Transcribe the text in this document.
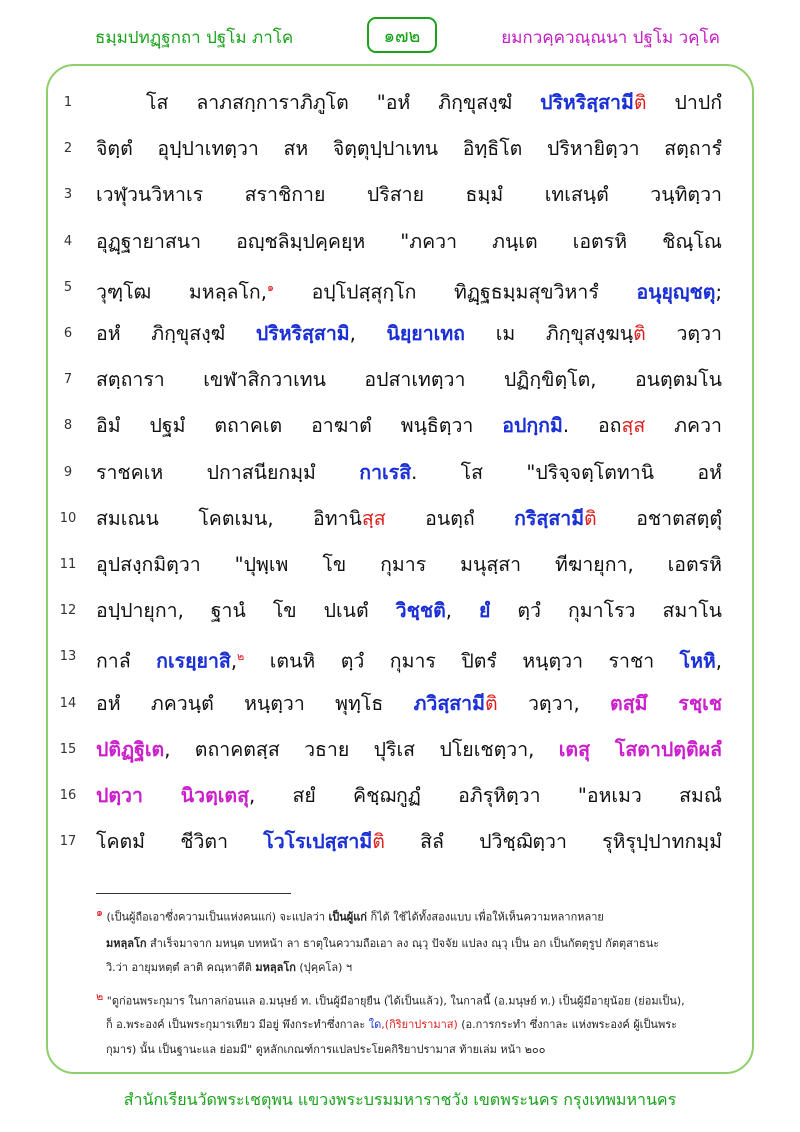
ธมฺมปทฏฺฐกถา ปฐโม ภาโค	๑๗๒	ยมกวคฺควณฺณนา ปฐโม วคฺโค
1	โส ลาภสกฺการาภิภูโต "อหํ ภิกฺขุสงฺฆํ ปริหริสฺสามีติ ปาปกํ
2	จิตฺตํ อุปฺปาเทตฺวา สห จิตฺตุปฺปาเทน อิทฺธิโต ปริหายิตฺวา สตฺถารํ
3	เวฬุวนวิหาเร สราชิกาย ปริสาย ธมฺมํ เทเสนฺตํ วนฺทิตฺวา
4	อุฏฺฐายาสนา อญฺชลิมฺปคฺคยฺห "ภควา ภนฺเต เอตรหิ ชิณฺโณ
5	วุฑฺโฒ มหลฺลโก,$^๑$ อปฺโปสฺสุกฺโก ทิฏฺฐธมฺมสุขวิหารํ อนุยุญฺชตุ;
6	อหํ ภิกฺขุสงฺฆํ ปริหริสฺสามิ, นิยฺยาเทถ เม ภิกฺขุสงฺฆนฺติ วตฺวา
7	สตฺถารา เขฬาสิกวาเทน อปสาเทตฺวา ปฏิกฺขิตฺโต, อนตฺตมโน
8	อิมํ ปฐมํ ตถาคเต อาฆาตํ พนฺธิตฺวา อปกฺกมิ. อถสฺส ภควา
9	ราชคเห ปกาสนียกมฺมํ กาเรสิ. โส "ปริจฺจตฺโตทานิ อหํ
10	สมเณน โคตเมน, อิทานิสฺส อนตฺถํ กริสฺสามีติ อชาตสตฺตุํ
11	อุปสงฺกมิตฺวา "ปุพฺเพ โข กุมาร มนุสฺสา ทีฆายุกา, เอตรหิ
12	อปฺปายุกา, ฐานํ โข ปเนตํ วิชฺชติ, ยํ ตฺวํ กุมาโรว สมาโน
13	กาลํ กเรยฺยาสิ,$^๒$ เตนหิ ตฺวํ กุมาร ปิตรํ หนฺตฺวา ราชา โหหิ,
14	อหํ ภควนฺตํ หนฺตฺวา พุทฺโธ ภวิสฺสามีติ วตฺวา, ตสฺมึ รชฺเช
15	ปติฏฺฐิเต, ตถาคตสฺส วธาย ปุริเส ปโยเชตฺวา, เตสุ โสตาปตฺติผลํ
16	ปตฺวา นิวตฺเตสุ, สยํ คิชฺฌกูฏํ อภิรุหิตฺวา "อหเมว สมณํ
17	โคตมํ ชีวิตา โวโรเปสฺสามีติ สิลํ ปวิชฺฌิตฺวา รุหิรุปฺปาทกมฺมํ
๑ (เป็นผู้ถือเอาซึ่งความเป็นแห่งคนแก่) จะแปลว่า เป็นผู้แก่ ก็ได้ ใช้ได้ทั้งสองแบบ เพื่อให้เห็นความหลากหลาย
มหลฺลโก สำเร็จมาจาก มหนฺต บทหน้า ลา ธาตุในความถือเอา ลง ณฺวุ ปัจจัย แปลง ณฺวุ เป็น อก เป็นกัตตุรูป กัตตุสาธนะ
วิ.ว่า อายุมหตฺตํ ลาติ คณฺหาตีติ มหลฺลโก (ปุคฺคโล) ฯ
๒ "ดูก่อนพระกุมาร ในกาลก่อนแล อ.มนุษย์ ท. เป็นผู้มีอายุยืน (ได้เป็นแล้ว), ในกาลนี้ (อ.มนุษย์ ท.) เป็นผู้มีอายุน้อย (ย่อมเป็น),
ก็ อ.พระองค์ เป็นพระกุมารเทียว มีอยู่ พึงกระทำซึ่งกาละ ใด,(กิริยาปรามาส) (อ.การกระทำ ซึ่งกาละ แห่งพระองค์ ผู้เป็นพระ
กุมาร) นั้น เป็นฐานะแล ย่อมมี" ดูหลักเกณฑ์การแปลประโยคกิริยาปรามาส ท้ายเล่ม หน้า ๒๐๐
สำนักเรียนวัดพระเชตุพน แขวงพระบรมมหาราชวัง เขตพระนคร กรุงเทพมหานคร
